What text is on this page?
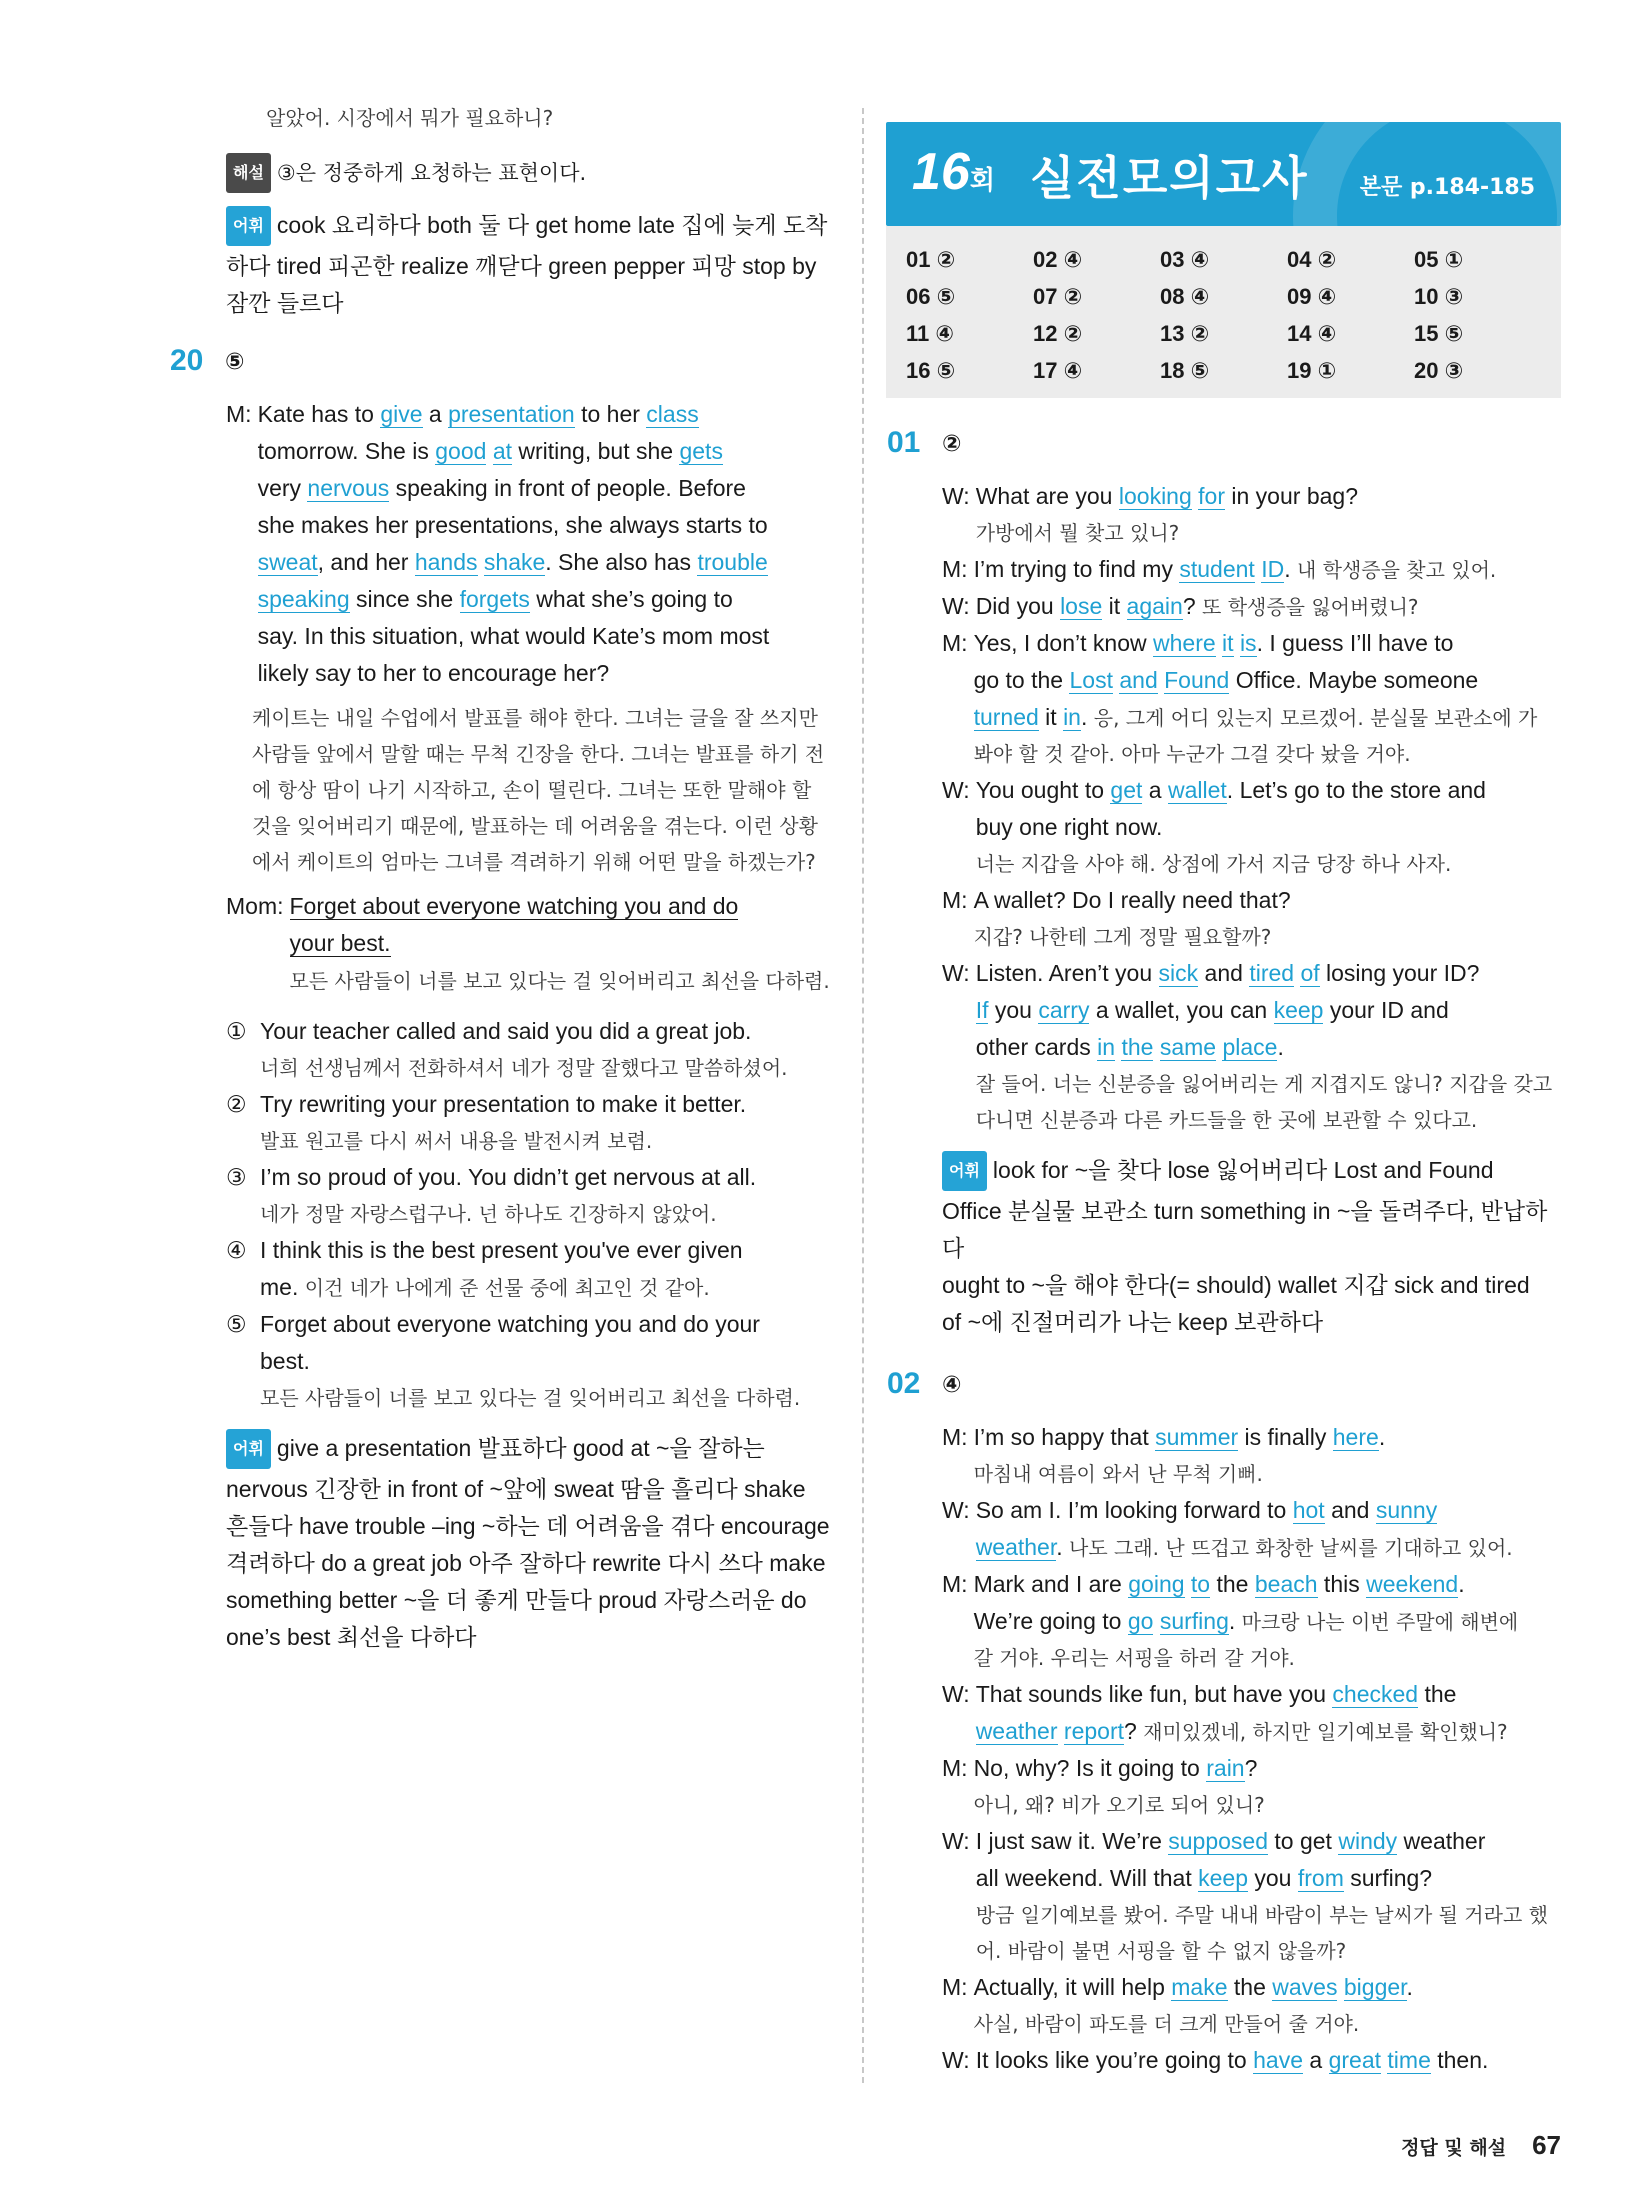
알았어. 시장에서 뭐가 필요하니?

해설 ③은 정중하게 요청하는 표현이다.

어휘 cook 요리하다 both 둘 다 get home late 집에 늦게 도착
하다 tired 피곤한 realize 깨닫다 green pepper 피망 stop by
잠깐 들르다
20 ⑤
M: Kate has to give a presentation to her class
tomorrow. She is good at writing, but she gets
very nervous speaking in front of people. Before
she makes her presentations, she always starts to
sweat, and her hands shake. She also has trouble
speaking since she forgets what she’s going to
say. In this situation, what would Kate’s mom most
likely say to her to encourage her?
케이트는 내일 수업에서 발표를 해야 한다. 그녀는 글을 잘 쓰지만
사람들 앞에서 말할 때는 무척 긴장을 한다. 그녀는 발표를 하기 전
에 항상 땀이 나기 시작하고, 손이 떨린다. 그녀는 또한 말해야 할
것을 잊어버리기 때문에, 발표하는 데 어려움을 겪는다. 이런 상황
에서 케이트의 엄마는 그녀를 격려하기 위해 어떤 말을 하겠는가?
Mom: Forget about everyone watching you and do
your best.
모든 사람들이 너를 보고 있다는 걸 잊어버리고 최선을 다하렴.
① Your teacher called and said you did a great job.
너희 선생님께서 전화하셔서 네가 정말 잘했다고 말씀하셨어.
② Try rewriting your presentation to make it better.
발표 원고를 다시 써서 내용을 발전시켜 보렴.
③ I’m so proud of you. You didn’t get nervous at all.
네가 정말 자랑스럽구나. 넌 하나도 긴장하지 않았어.
④ I think this is the best present you've ever given
me. 이건 네가 나에게 준 선물 중에 최고인 것 같아.
⑤ Forget about everyone watching you and do your
best.
모든 사람들이 너를 보고 있다는 걸 잊어버리고 최선을 다하렴.
어휘 give a presentation 발표하다 good at ~을 잘하는
nervous 긴장한 in front of ~앞에 sweat 땀을 흘리다 shake
흔들다 have trouble –ing ~하는 데 어려움을 겪다 encourage
격려하다 do a great job 아주 잘하다 rewrite 다시 쓰다 make
something better ~을 더 좋게 만들다 proud 자랑스러운 do
one’s best 최선을 다하다
16회 실전모의고사 본문 p.184-185
01 ②	02 ④	03 ④	04 ②	05 ①
06 ⑤	07 ②	08 ④	09 ④	10 ③
11 ④	12 ②	13 ②	14 ④	15 ⑤
16 ⑤	17 ④	18 ⑤	19 ①	20 ③
01 ②
W: What are you looking for in your bag?
가방에서 뭘 찾고 있니?
M: I’m trying to find my student ID. 내 학생증을 찾고 있어.
W: Did you lose it again? 또 학생증을 잃어버렸니?
M: Yes, I don’t know where it is. I guess I’ll have to
go to the Lost and Found Office. Maybe someone
turned it in. 응, 그게 어디 있는지 모르겠어. 분실물 보관소에 가
봐야 할 것 같아. 아마 누군가 그걸 갖다 놨을 거야.
W: You ought to get a wallet. Let’s go to the store and
buy one right now.
너는 지갑을 사야 해. 상점에 가서 지금 당장 하나 사자.
M: A wallet? Do I really need that?
지갑? 나한테 그게 정말 필요할까?
W: Listen. Aren’t you sick and tired of losing your ID?
If you carry a wallet, you can keep your ID and
other cards in the same place.
잘 들어. 너는 신분증을 잃어버리는 게 지겹지도 않니? 지갑을 갖고
다니면 신분증과 다른 카드들을 한 곳에 보관할 수 있다고.
어휘 look for ~을 찾다 lose 잃어버리다 Lost and Found
Office 분실물 보관소 turn something in ~을 돌려주다, 반납하다
ought to ~을 해야 한다(= should) wallet 지갑 sick and tired
of ~에 진절머리가 나는 keep 보관하다
02 ④
M: I’m so happy that summer is finally here.
마침내 여름이 와서 난 무척 기뻐.
W: So am I. I’m looking forward to hot and sunny
weather. 나도 그래. 난 뜨겁고 화창한 날씨를 기대하고 있어.
M: Mark and I are going to the beach this weekend.
We’re going to go surfing. 마크랑 나는 이번 주말에 해변에
갈 거야. 우리는 서핑을 하러 갈 거야.
W: That sounds like fun, but have you checked the
weather report? 재미있겠네, 하지만 일기예보를 확인했니?
M: No, why? Is it going to rain?
아니, 왜? 비가 오기로 되어 있니?
W: I just saw it. We’re supposed to get windy weather
all weekend. Will that keep you from surfing?
방금 일기예보를 봤어. 주말 내내 바람이 부는 날씨가 될 거라고 했
어. 바람이 불면 서핑을 할 수 없지 않을까?
M: Actually, it will help make the waves bigger.
사실, 바람이 파도를 더 크게 만들어 줄 거야.
W: It looks like you’re going to have a great time then.
정답 및 해설 67
